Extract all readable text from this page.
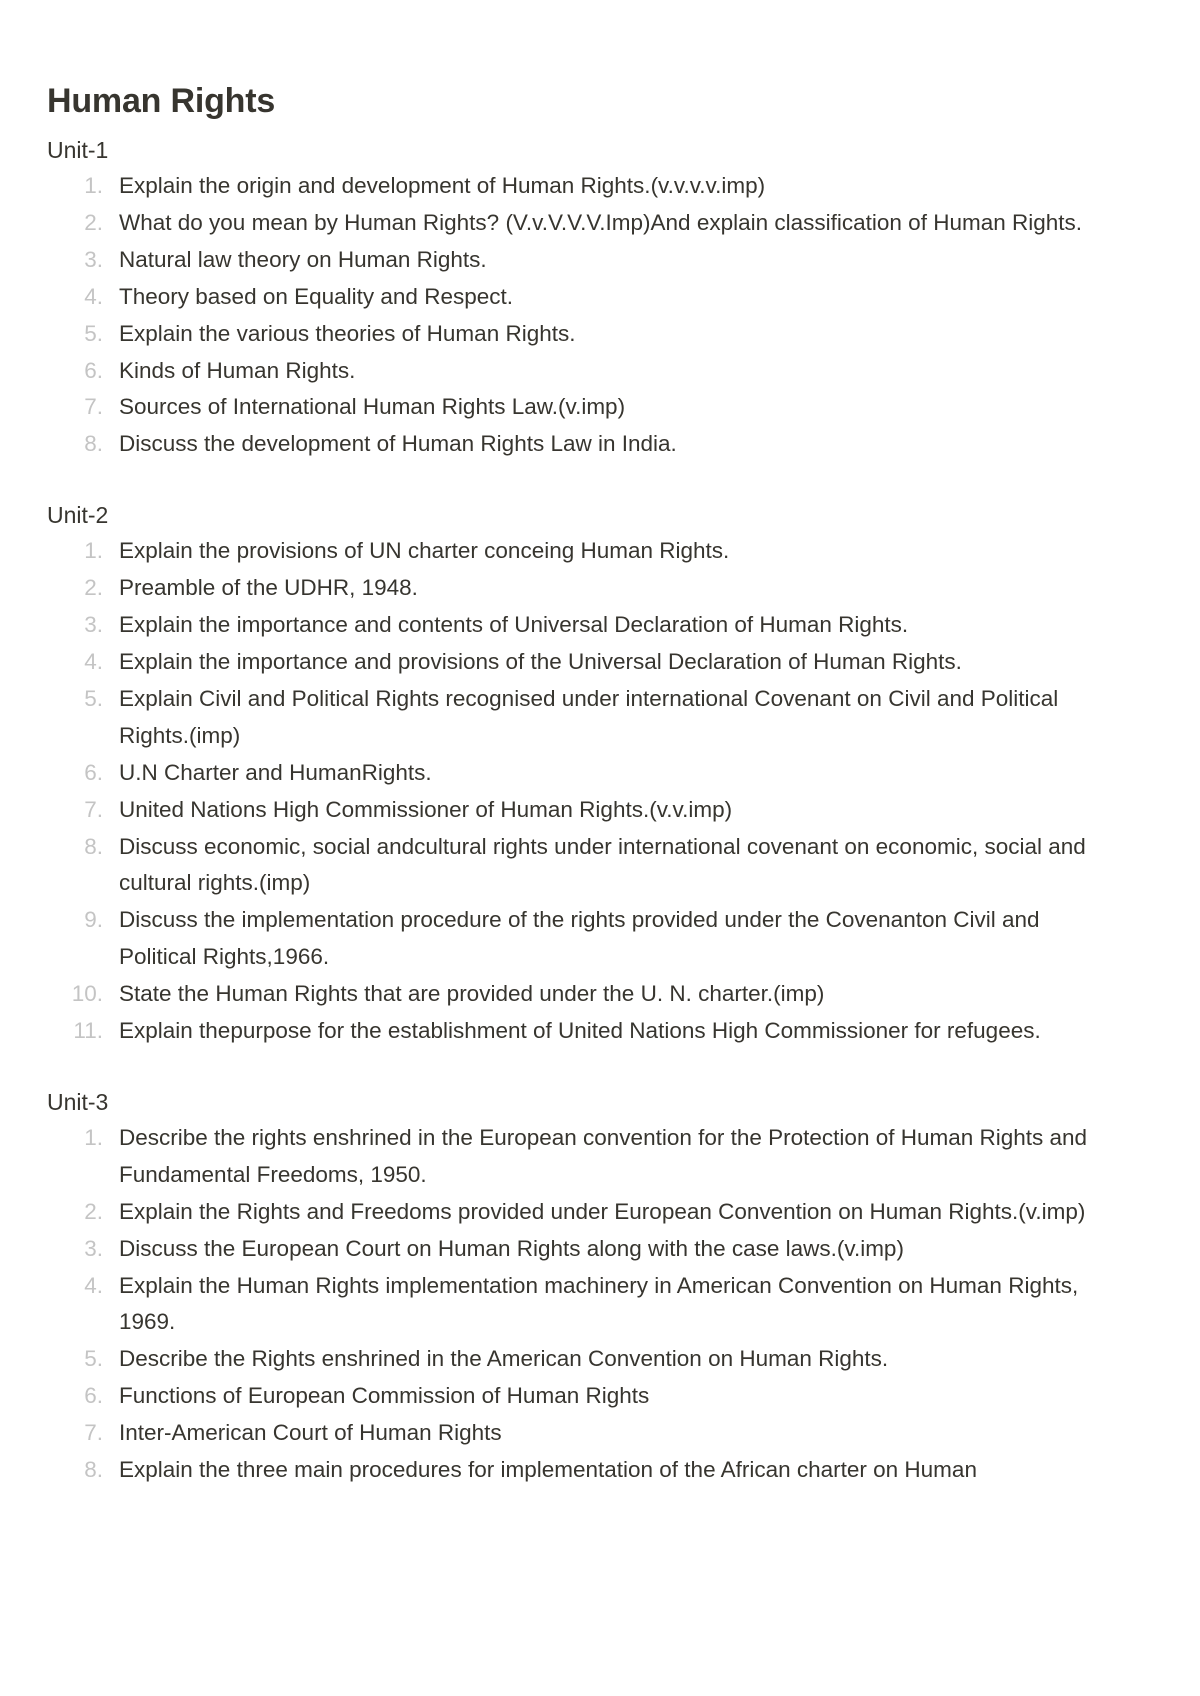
Human Rights
Unit-1
1. Explain the origin and development of Human Rights.(v.v.v.v.imp)
2. What do you mean by Human Rights? (V.v.V.V.V.Imp)And explain classification of Human Rights.
3. Natural law theory on Human Rights.
4. Theory based on Equality and Respect.
5. Explain the various theories of Human Rights.
6. Kinds of Human Rights.
7. Sources of International Human Rights Law.(v.imp)
8. Discuss the development of Human Rights Law in India.
Unit-2
1. Explain the provisions of UN charter conceing Human Rights.
2. Preamble of the UDHR, 1948.
3. Explain the importance and contents of Universal Declaration of Human Rights.
4. Explain the importance and provisions of the Universal Declaration of Human Rights.
5. Explain Civil and Political Rights recognised under international Covenant on Civil and Political Rights.(imp)
6. U.N Charter and HumanRights.
7. United Nations High Commissioner of Human Rights.(v.v.imp)
8. Discuss economic, social andcultural rights under international covenant on economic, social and cultural rights.(imp)
9. Discuss the implementation procedure of the rights provided under the Covenanton Civil and Political Rights,1966.
10. State the Human Rights that are provided under the U. N. charter.(imp)
11. Explain thepurpose for the establishment of United Nations High Commissioner for refugees.
Unit-3
1. Describe the rights enshrined in the European convention for the Protection of Human Rights and Fundamental Freedoms, 1950.
2. Explain the Rights and Freedoms provided under European Convention on Human Rights.(v.imp)
3. Discuss the European Court on Human Rights along with the case laws.(v.imp)
4. Explain the Human Rights implementation machinery in American Convention on Human Rights, 1969.
5. Describe the Rights enshrined in the American Convention on Human Rights.
6. Functions of European Commission of Human Rights
7. Inter-American Court of Human Rights
8. Explain the three main procedures for implementation of the African charter on Human
